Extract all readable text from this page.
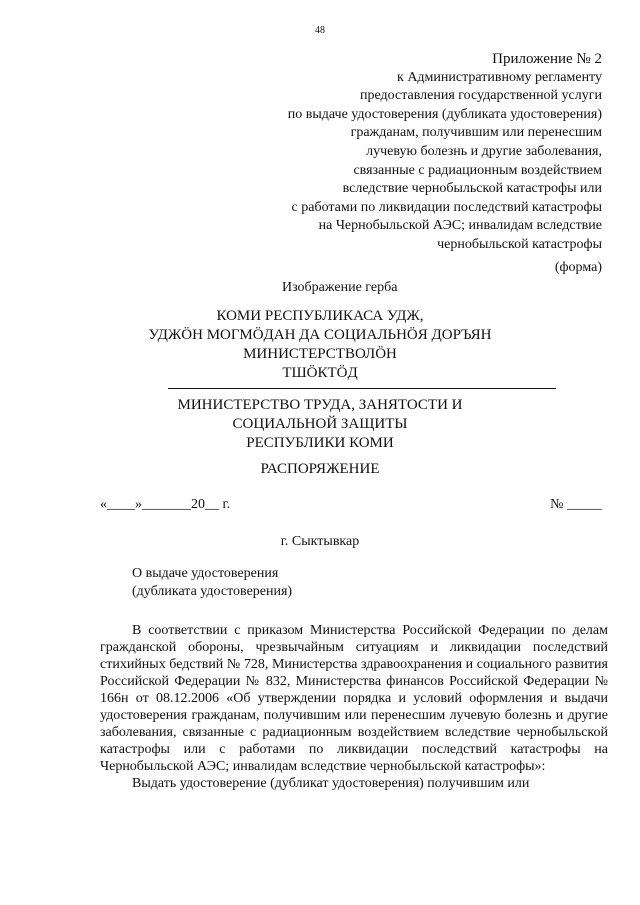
48
Приложение № 2
к Административному регламенту
предоставления государственной услуги
по выдаче удостоверения (дубликата удостоверения)
гражданам, получившим или перенесшим
лучевую болезнь и другие заболевания,
связанные с радиационным воздействием
вследствие чернобыльской катастрофы или
с работами по ликвидации последствий катастрофы
на Чернобыльской АЭС; инвалидам вследствие
чернобыльской катастрофы
(форма)
Изображение герба
КОМИ РЕСПУБЛИКАСА УДЖ,
УДЖӦН МОГМӦДАН ДА СОЦИАЛЬНӦЯ ДОРЪЯН
МИНИСТЕРСТВОЛӦН
ТШӦКТӦД
МИНИСТЕРСТВО ТРУДА, ЗАНЯТОСТИ И
СОЦИАЛЬНОЙ ЗАЩИТЫ
РЕСПУБЛИКИ КОМИ
РАСПОРЯЖЕНИЕ
«____»_______20__ г.	№ _____
г. Сыктывкар
О выдаче удостоверения
(дубликата удостоверения)

В соответствии с приказом Министерства Российской Федерации по делам гражданской обороны, чрезвычайным ситуациям и ликвидации последствий стихийных бедствий № 728, Министерства здравоохранения и социального развития Российской Федерации № 832, Министерства финансов Российской Федерации № 166н от 08.12.2006 «Об утверждении порядка и условий оформления и выдачи удостоверения гражданам, получившим или перенесшим лучевую болезнь и другие заболевания, связанные с радиационным воздействием вследствие чернобыльской катастрофы или с работами по ликвидации последствий катастрофы на Чернобыльской АЭС; инвалидам вследствие чернобыльской катастрофы»:

Выдать удостоверение (дубликат удостоверения) получившим или
